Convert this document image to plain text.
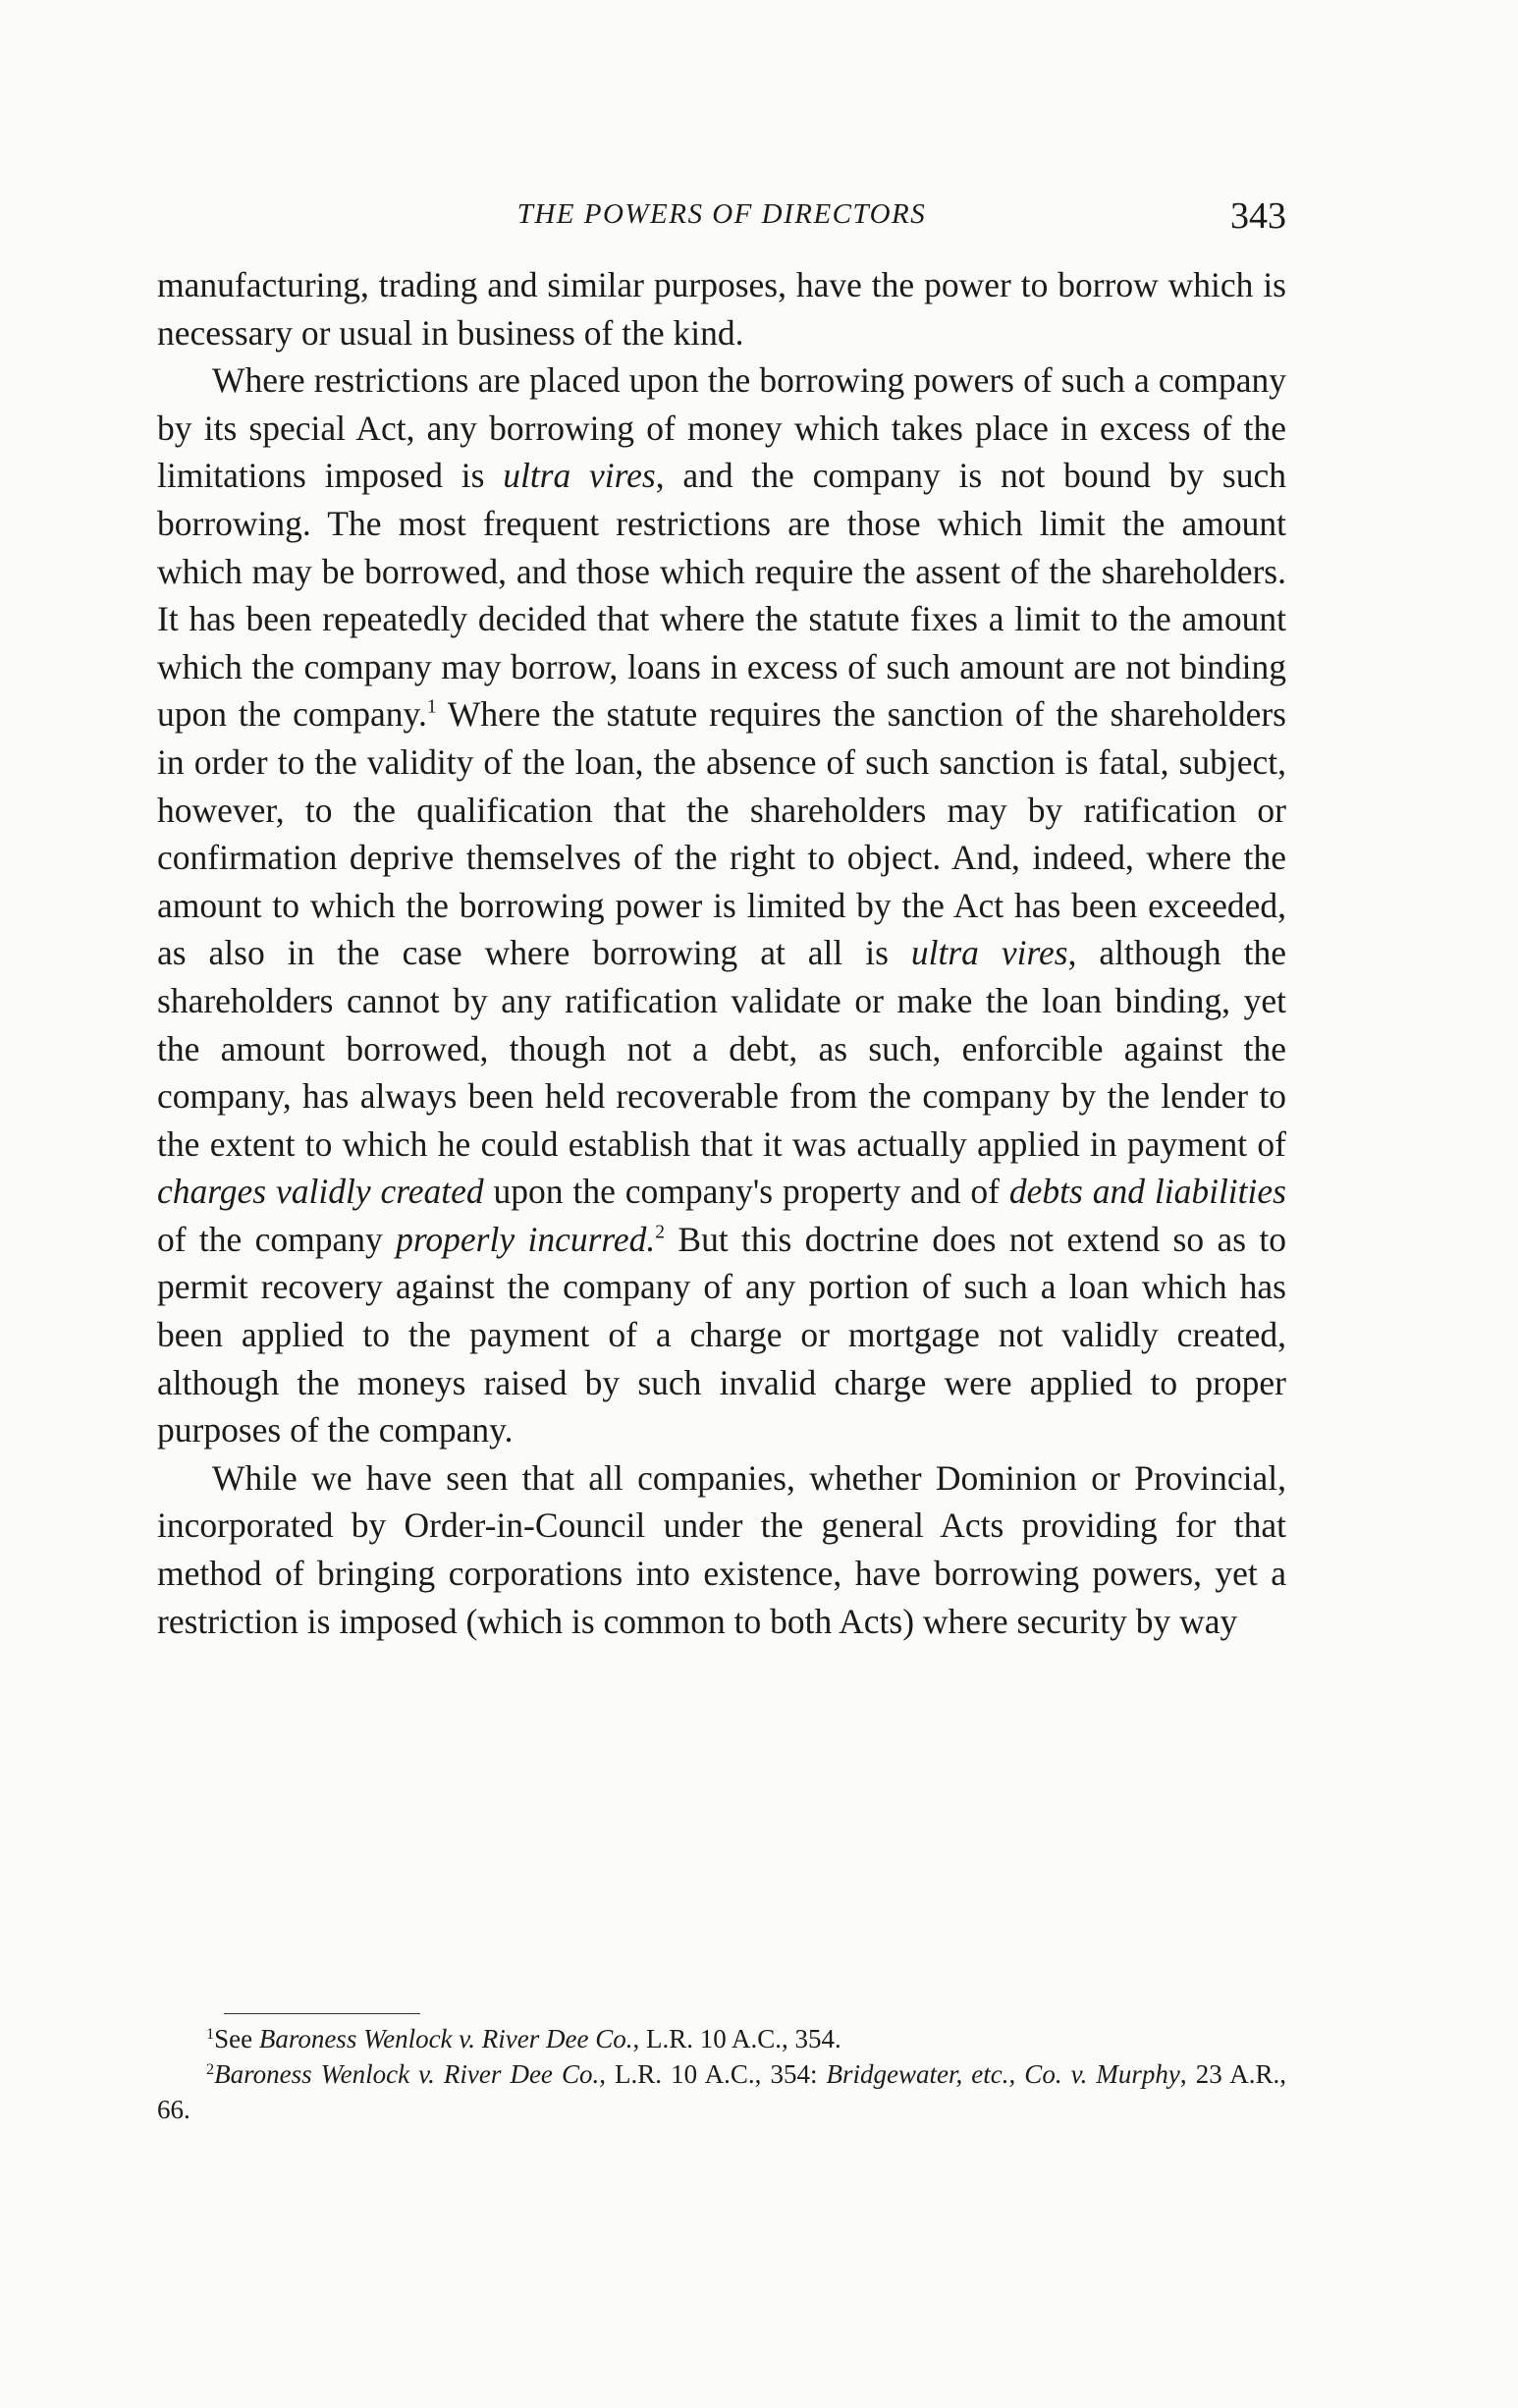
THE POWERS OF DIRECTORS	343

manufacturing, trading and similar purposes, have the power to borrow which is necessary or usual in business of the kind.

Where restrictions are placed upon the borrowing powers of such a company by its special Act, any borrowing of money which takes place in excess of the limitations imposed is ultra vires, and the company is not bound by such borrowing. The most frequent restrictions are those which limit the amount which may be borrowed, and those which require the assent of the shareholders. It has been repeatedly decided that where the statute fixes a limit to the amount which the company may borrow, loans in excess of such amount are not binding upon the company.$^1$ Where the statute requires the sanction of the shareholders in order to the validity of the loan, the absence of such sanction is fatal, subject, however, to the qualification that the shareholders may by ratification or confirmation deprive themselves of the right to object. And, indeed, where the amount to which the borrowing power is limited by the Act has been exceeded, as also in the case where borrowing at all is ultra vires, although the shareholders cannot by any ratification validate or make the loan binding, yet the amount borrowed, though not a debt, as such, enforcible against the company, has always been held recoverable from the company by the lender to the extent to which he could establish that it was actually applied in payment of charges validly created upon the company's property and of debts and liabilities of the company properly incurred.$^2$ But this doctrine does not extend so as to permit recovery against the company of any portion of such a loan which has been applied to the payment of a charge or mortgage not validly created, although the moneys raised by such invalid charge were applied to proper purposes of the company.

While we have seen that all companies, whether Dominion or Provincial, incorporated by Order-in-Council under the general Acts providing for that method of bringing corporations into existence, have borrowing powers, yet a restriction is imposed (which is common to both Acts) where security by way

$^1$See Baroness Wenlock v. River Dee Co., L.R. 10 A.C., 354.

$^2$Baroness Wenlock v. River Dee Co., L.R. 10 A.C., 354: Bridgewater, etc., Co. v. Murphy, 23 A.R., 66.
